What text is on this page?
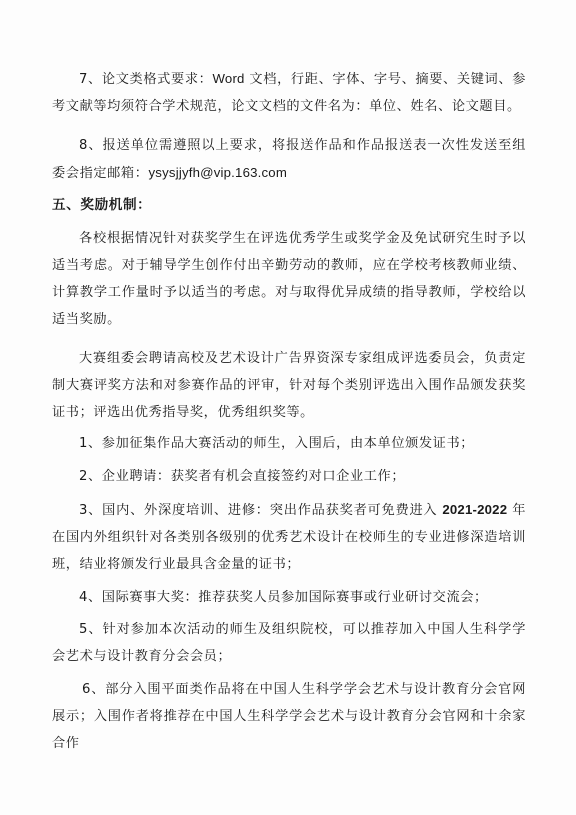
7、论文类格式要求：Word 文档，行距、字体、字号、摘要、关键词、参考文献等均须符合学术规范，论文文档的文件名为：单位、姓名、论文题目。

8、报送单位需遵照以上要求，将报送作品和作品报送表一次性发送至组委会指定邮箱：ysysjjyfh@vip.163.com

五、奖励机制：

各校根据情况针对获奖学生在评选优秀学生或奖学金及免试研究生时予以适当考虑。对于辅导学生创作付出辛勤劳动的教师，应在学校考核教师业绩、计算教学工作量时予以适当的考虑。对与取得优异成绩的指导教师，学校给以适当奖励。

大赛组委会聘请高校及艺术设计广告界资深专家组成评选委员会，负责定制大赛评奖方法和对参赛作品的评审，针对每个类别评选出入围作品颁发获奖证书；评选出优秀指导奖，优秀组织奖等。

1、参加征集作品大赛活动的师生，入围后，由本单位颁发证书；

2、企业聘请：获奖者有机会直接签约对口企业工作；

3、国内、外深度培训、进修：突出作品获奖者可免费进入 2021-2022 年在国内外组织针对各类别各级别的优秀艺术设计在校师生的专业进修深造培训班，结业将颁发行业最具含金量的证书；

4、国际赛事大奖：推荐获奖人员参加国际赛事或行业研讨交流会；

5、针对参加本次活动的师生及组织院校，可以推荐加入中国人生科学学会艺术与设计教育分会会员；

6、部分入围平面类作品将在中国人生科学学会艺术与设计教育分会官网展示；入围作者将推荐在中国人生科学学会艺术与设计教育分会官网和十余家合作
